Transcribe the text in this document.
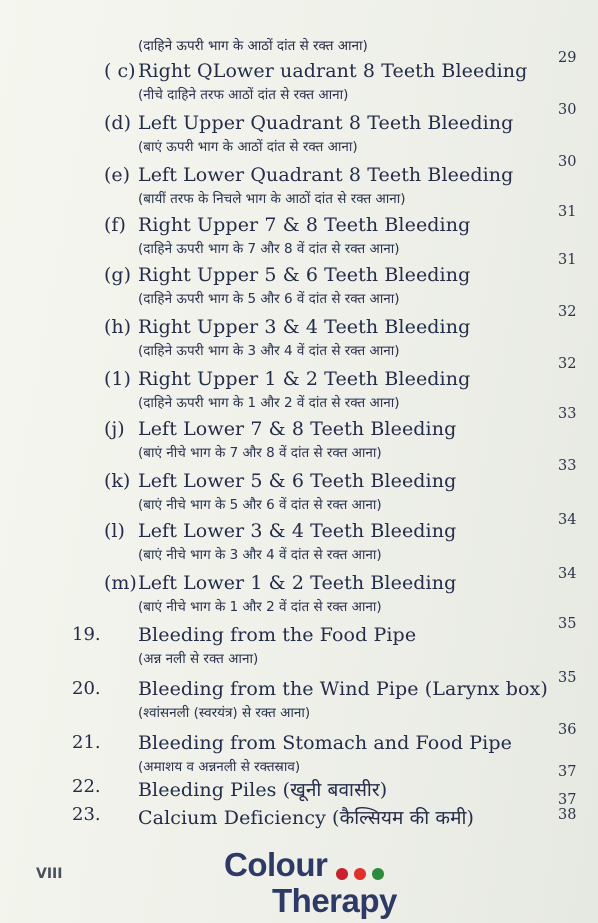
(दाहिने ऊपरी भाग के आठों दांत से रक्त आना)
( c) Right QLower uadrant 8 Teeth Bleeding
(नीचे दाहिने तरफ आठों दांत से रक्त आना)
29
(d) Left Upper Quadrant 8 Teeth Bleeding
(बाएं ऊपरी भाग के आठों दांत से रक्त आना)
30
(e) Left Lower Quadrant 8 Teeth Bleeding
(बायीं तरफ के निचले भाग के आठों दांत से रक्त आना)
30
(f) Right Upper 7 & 8 Teeth Bleeding
(दाहिने ऊपरी भाग के 7 और 8 वें दांत से रक्त आना)
31
(g) Right Upper 5 & 6 Teeth Bleeding
(दाहिने ऊपरी भाग के 5 और 6 वें दांत से रक्त आना)
31
(h) Right Upper 3 & 4 Teeth Bleeding
(दाहिने ऊपरी भाग के 3 और 4 वें दांत से रक्त आना)
32
(1) Right Upper 1 & 2 Teeth Bleeding
(दाहिने ऊपरी भाग के 1 और 2 वें दांत से रक्त आना)
32
(j) Left Lower 7 & 8 Teeth Bleeding
(बाएं नीचे भाग के 7 और 8 वें दांत से रक्त आना)
33
(k) Left Lower 5 & 6 Teeth Bleeding
(बाएं नीचे भाग के 5 और 6 वें दांत से रक्त आना)
33
(l) Left Lower 3 & 4 Teeth Bleeding
(बाएं नीचे भाग के 3 और 4 वें दांत से रक्त आना)
34
(m) Left Lower 1 & 2 Teeth Bleeding
(बाएं नीचे भाग के 1 और 2 वें दांत से रक्त आना)
34
19. Bleeding from the Food Pipe
(अन्न नली से रक्त आना)
35
20. Bleeding from the Wind Pipe (Larynx box)
(श्वांसनली (स्वरयंत्र) से रक्त आना)
35
21. Bleeding from Stomach and Food Pipe
(अमाशय व अन्ननली से रक्तस्राव)
36
22. Bleeding Piles (खूनी बवासीर)
37
23. Calcium Deficiency (कैल्सियम की कमी)
37
38
VIII	Colour
Therapy
